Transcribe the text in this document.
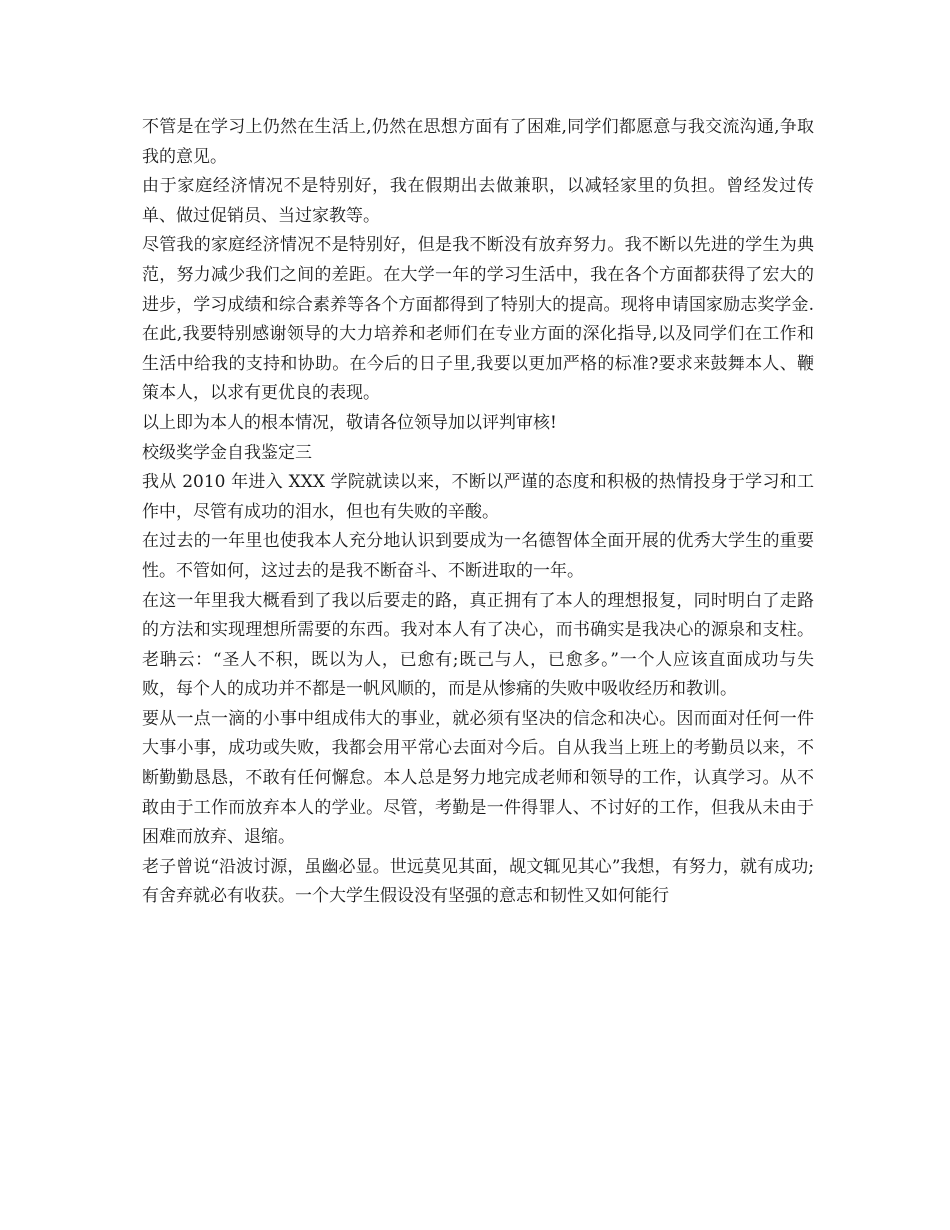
不管是在学习上仍然在生活上,仍然在思想方面有了困难,同学们都愿意与我交流沟通,争取我的意见。

由于家庭经济情况不是特别好，我在假期出去做兼职，以减轻家里的负担。曾经发过传单、做过促销员、当过家教等。

尽管我的家庭经济情况不是特别好，但是我不断没有放弃努力。我不断以先进的学生为典范，努力减少我们之间的差距。在大学一年的学习生活中，我在各个方面都获得了宏大的进步，学习成绩和综合素养等各个方面都得到了特别大的提高。现将申请国家励志奖学金.在此,我要特别感谢领导的大力培养和老师们在专业方面的深化指导,以及同学们在工作和生活中给我的支持和协助。在今后的日子里,我要以更加严格的标准?要求来鼓舞本人、鞭策本人，以求有更优良的表现。

以上即为本人的根本情况，敬请各位领导加以评判审核!

校级奖学金自我鉴定三

我从 2010 年进入 XXX 学院就读以来，不断以严谨的态度和积极的热情投身于学习和工作中，尽管有成功的泪水，但也有失败的辛酸。

在过去的一年里也使我本人充分地认识到要成为一名德智体全面开展的优秀大学生的重要性。不管如何，这过去的是我不断奋斗、不断进取的一年。

在这一年里我大概看到了我以后要走的路，真正拥有了本人的理想报复，同时明白了走路的方法和实现理想所需要的东西。我对本人有了决心，而书确实是我决心的源泉和支柱。老聃云：“圣人不积，既以为人，已愈有;既己与人，已愈多。”一个人应该直面成功与失败，每个人的成功并不都是一帆风顺的，而是从惨痛的失败中吸收经历和教训。

要从一点一滴的小事中组成伟大的事业，就必须有坚决的信念和决心。因而面对任何一件大事小事，成功或失败，我都会用平常心去面对今后。自从我当上班上的考勤员以来，不断勤勤恳恳，不敢有任何懈怠。本人总是努力地完成老师和领导的工作，认真学习。从不敢由于工作而放弃本人的学业。尽管，考勤是一件得罪人、不讨好的工作，但我从未由于困难而放弃、退缩。

老子曾说“沿波讨源，虽幽必显。世远莫见其面，觇文辄见其心”我想，有努力，就有成功;有舍弃就必有收获。一个大学生假设没有坚强的意志和韧性又如何能行
